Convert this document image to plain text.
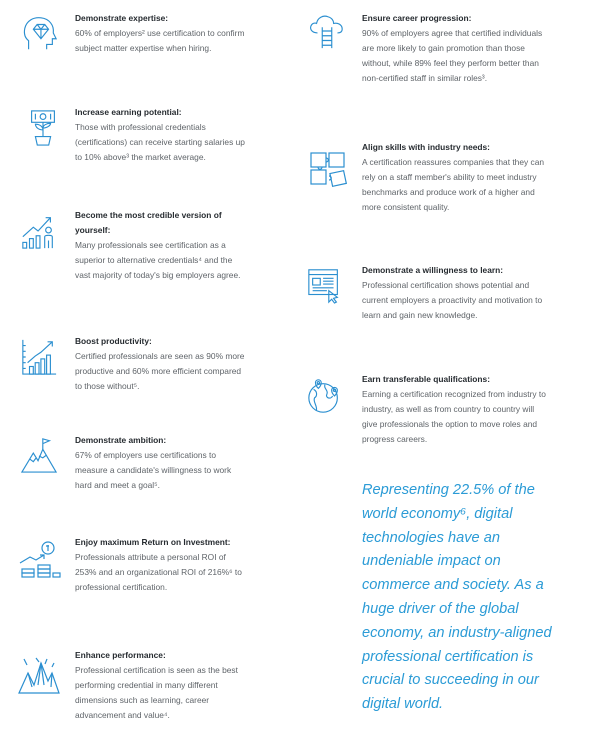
Demonstrate expertise:
60% of employers² use certification to confirm subject matter expertise when hiring.
Increase earning potential:
Those with professional credentials (certifications) can receive starting salaries up to 10% above³ the market average.
Become the most credible version of yourself:
Many professionals see certification as a superior to alternative credentials⁴ and the vast majority of today's big employers agree.
Boost productivity:
Certified professionals are seen as 90% more productive and 60% more efficient compared to those without⁵.
Demonstrate ambition:
67% of employers use certifications to measure a candidate's willingness to work hard and meet a goal⁵.
Enjoy maximum Return on Investment:
Professionals attribute a personal ROI of 253% and an organizational ROI of 216%⁶ to professional certification.
Enhance performance:
Professional certification is seen as the best performing credential in many different dimensions such as learning, career advancement and value⁴.
Ensure career progression:
90% of employers agree that certified individuals are more likely to gain promotion than those without, while 89% feel they perform better than non-certified staff in similar roles³.
Align skills with industry needs:
A certification reassures companies that they can rely on a staff member's ability to meet industry benchmarks and produce work of a higher and more consistent quality.
Demonstrate a willingness to learn:
Professional certification shows potential and current employers a proactivity and motivation to learn and gain new knowledge.
Earn transferable qualifications:
Earning a certification recognized from industry to industry, as well as from country to country will give professionals the option to move roles and progress careers.
Representing 22.5% of the world economy⁶, digital technologies have an undeniable impact on commerce and society. As a huge driver of the global economy, an industry-aligned professional certification is crucial to succeeding in our digital world.
